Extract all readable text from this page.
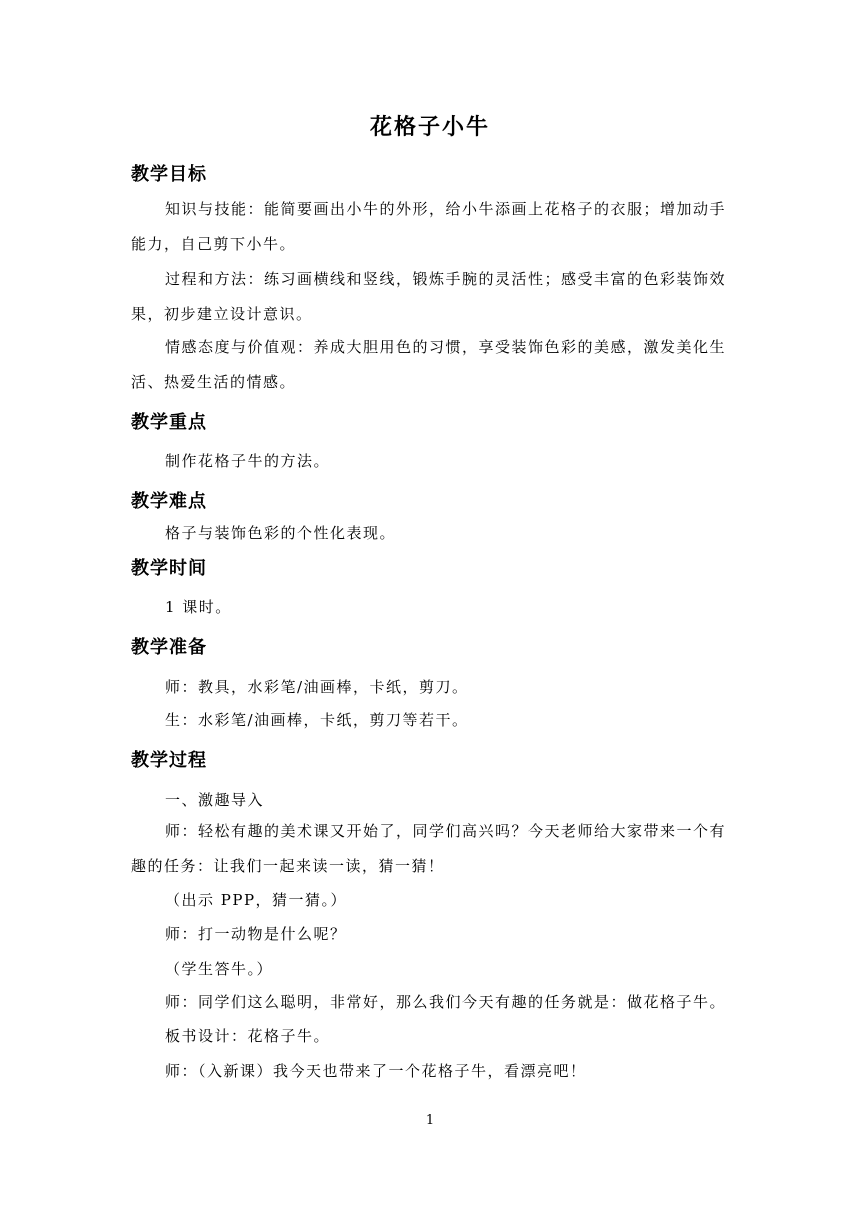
花格子小牛
教学目标
知识与技能：能简要画出小牛的外形，给小牛添画上花格子的衣服；增加动手能力，自己剪下小牛。
过程和方法：练习画横线和竖线，锻炼手腕的灵活性；感受丰富的色彩装饰效果，初步建立设计意识。
情感态度与价值观：养成大胆用色的习惯，享受装饰色彩的美感，激发美化生活、热爱生活的情感。
教学重点
制作花格子牛的方法。
教学难点
格子与装饰色彩的个性化表现。
教学时间
1 课时。
教学准备
师：教具，水彩笔/油画棒，卡纸，剪刀。
生：水彩笔/油画棒，卡纸，剪刀等若干。
教学过程
一、激趣导入
师：轻松有趣的美术课又开始了，同学们高兴吗？今天老师给大家带来一个有趣的任务：让我们一起来读一读，猜一猜！
（出示 PPP，猜一猜。）
师：打一动物是什么呢？
（学生答牛。）
师：同学们这么聪明，非常好，那么我们今天有趣的任务就是：做花格子牛。
板书设计：花格子牛。
师：（入新课）我今天也带来了一个花格子牛，看漂亮吧！
1
